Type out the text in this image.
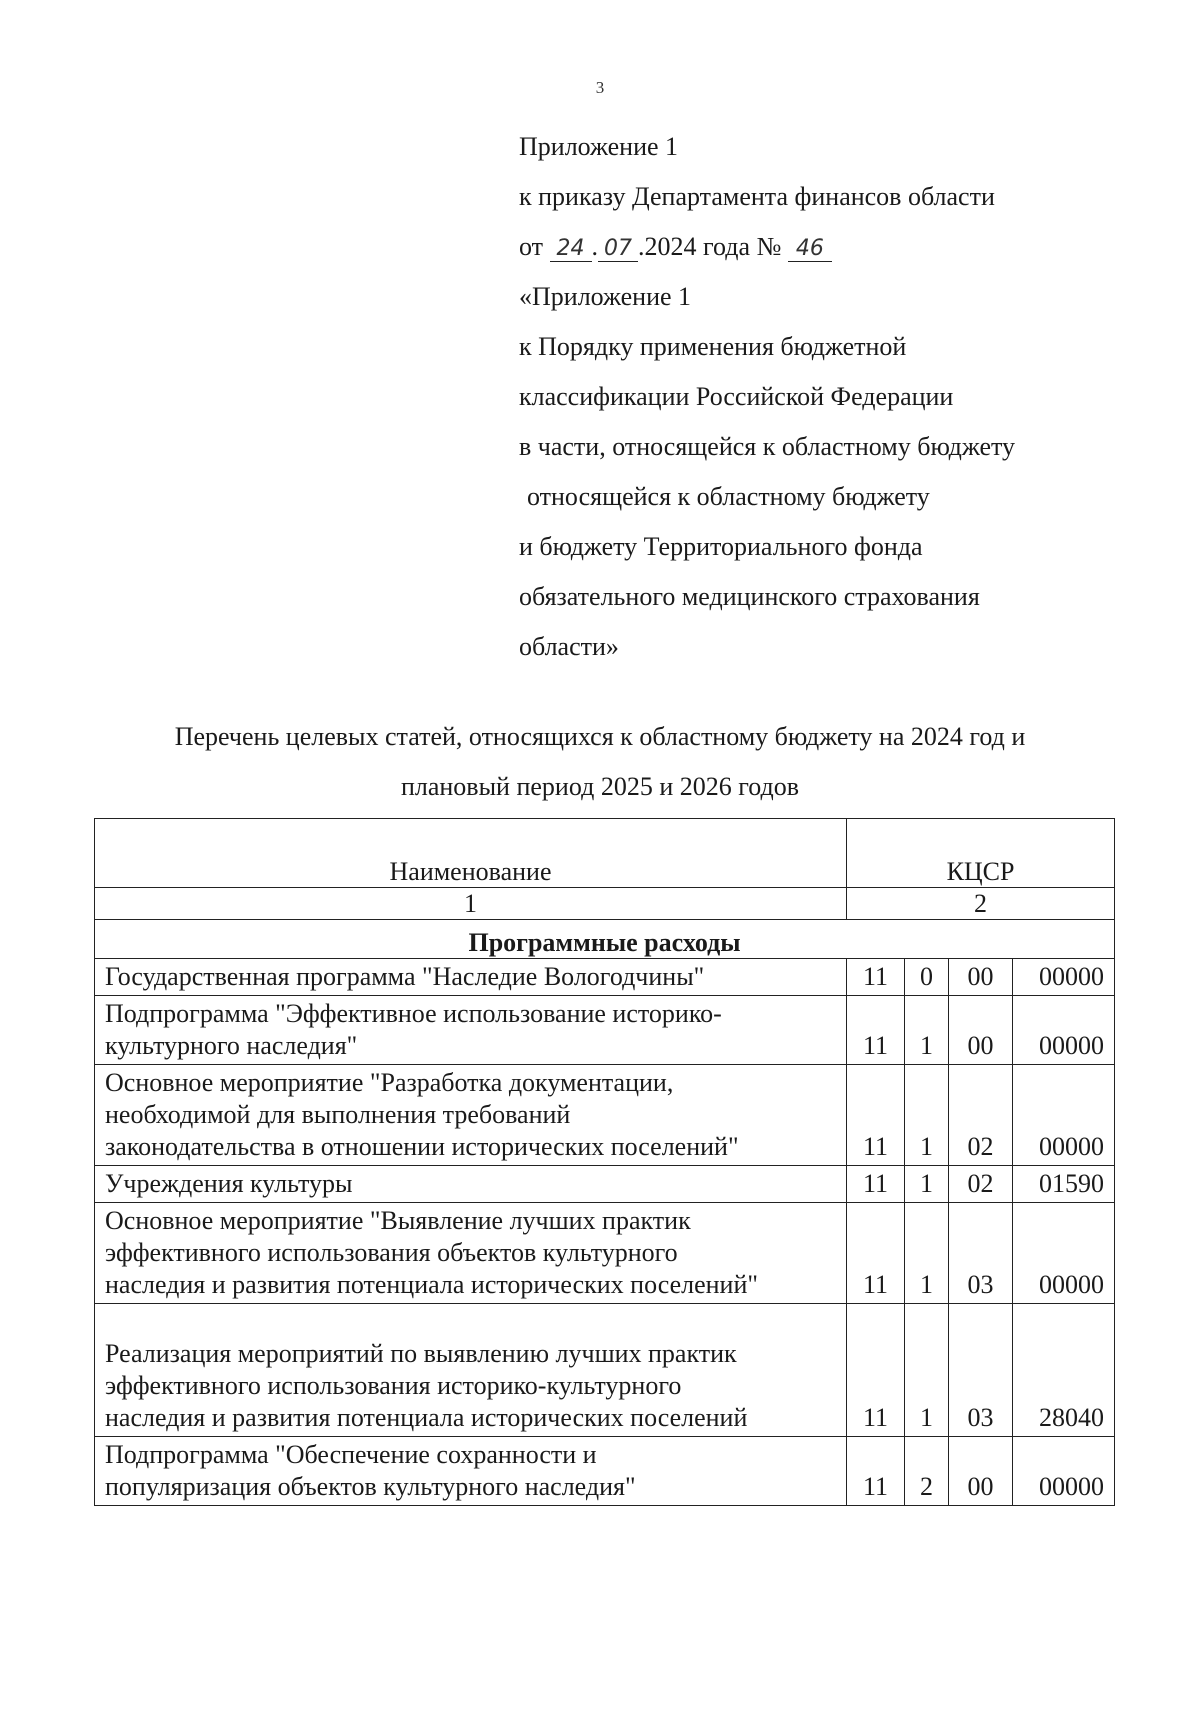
3
Приложение 1
к приказу Департамента финансов области
от 24 . 07 .2024 года № 46
«Приложение 1
к Порядку применения бюджетной
классификации Российской Федерации
в части, относящейся к областному бюджету
относящейся к областному бюджету
и бюджету Территориального фонда
обязательного медицинского страхования
области»
Перечень целевых статей, относящихся к областному бюджету на 2024 год и
плановый период 2025 и 2026 годов
Наименование	КЦСР			
1	2			
Программные расходы				

Государственная программа "Наследие Вологодчины"	11	0	00	00000

Подпрограмма "Эффективное использование историко-
культурного наследия"	11	1	00	00000

Основное мероприятие "Разработка документации,
необходимой для выполнения требований
законодательства в отношении исторических поселений"	11	1	02	00000

Учреждения культуры	11	1	02	01590

Основное мероприятие "Выявление лучших практик
эффективного использования объектов культурного
наследия и развития потенциала исторических поселений"	11	1	03	00000

Реализация мероприятий по выявлению лучших практик
эффективного использования историко-культурного
наследия и развития потенциала исторических поселений	11	1	03	28040

Подпрограмма "Обеспечение сохранности и
популяризация объектов культурного наследия"	11	2	00	00000
